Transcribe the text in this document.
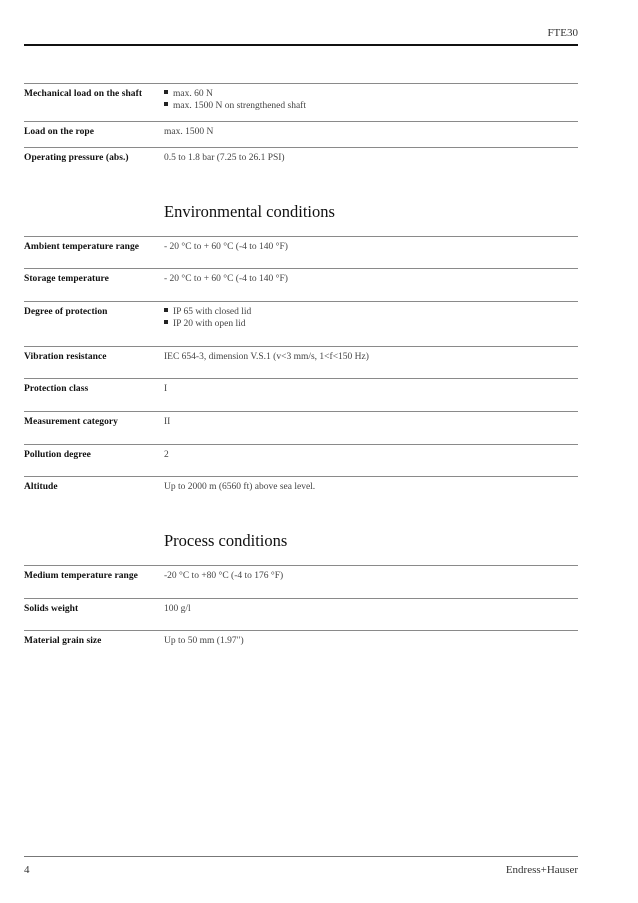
FTE30
Mechanical load on the shaft	max. 60 N
max. 1500 N on strengthened shaft
Load on the rope	max. 1500 N
Operating pressure (abs.)	0.5 to 1.8 bar (7.25 to 26.1 PSI)
Environmental conditions
Ambient temperature range	- 20 °C to + 60 °C (-4 to 140 °F)
Storage temperature	- 20 °C to + 60 °C (-4 to 140 °F)
Degree of protection	IP 65 with closed lid
IP 20 with open lid
Vibration resistance	IEC 654-3, dimension V.S.1 (v<3 mm/s, 1<f<150 Hz)
Protection class	I
Measurement category	II
Pollution degree	2
Altitude	Up to 2000 m (6560 ft) above sea level.
Process conditions
Medium temperature range	-20 °C to +80 °C (-4 to 176 °F)
Solids weight	100 g/l
Material grain size	Up to 50 mm (1.97")
4	Endress+Hauser
